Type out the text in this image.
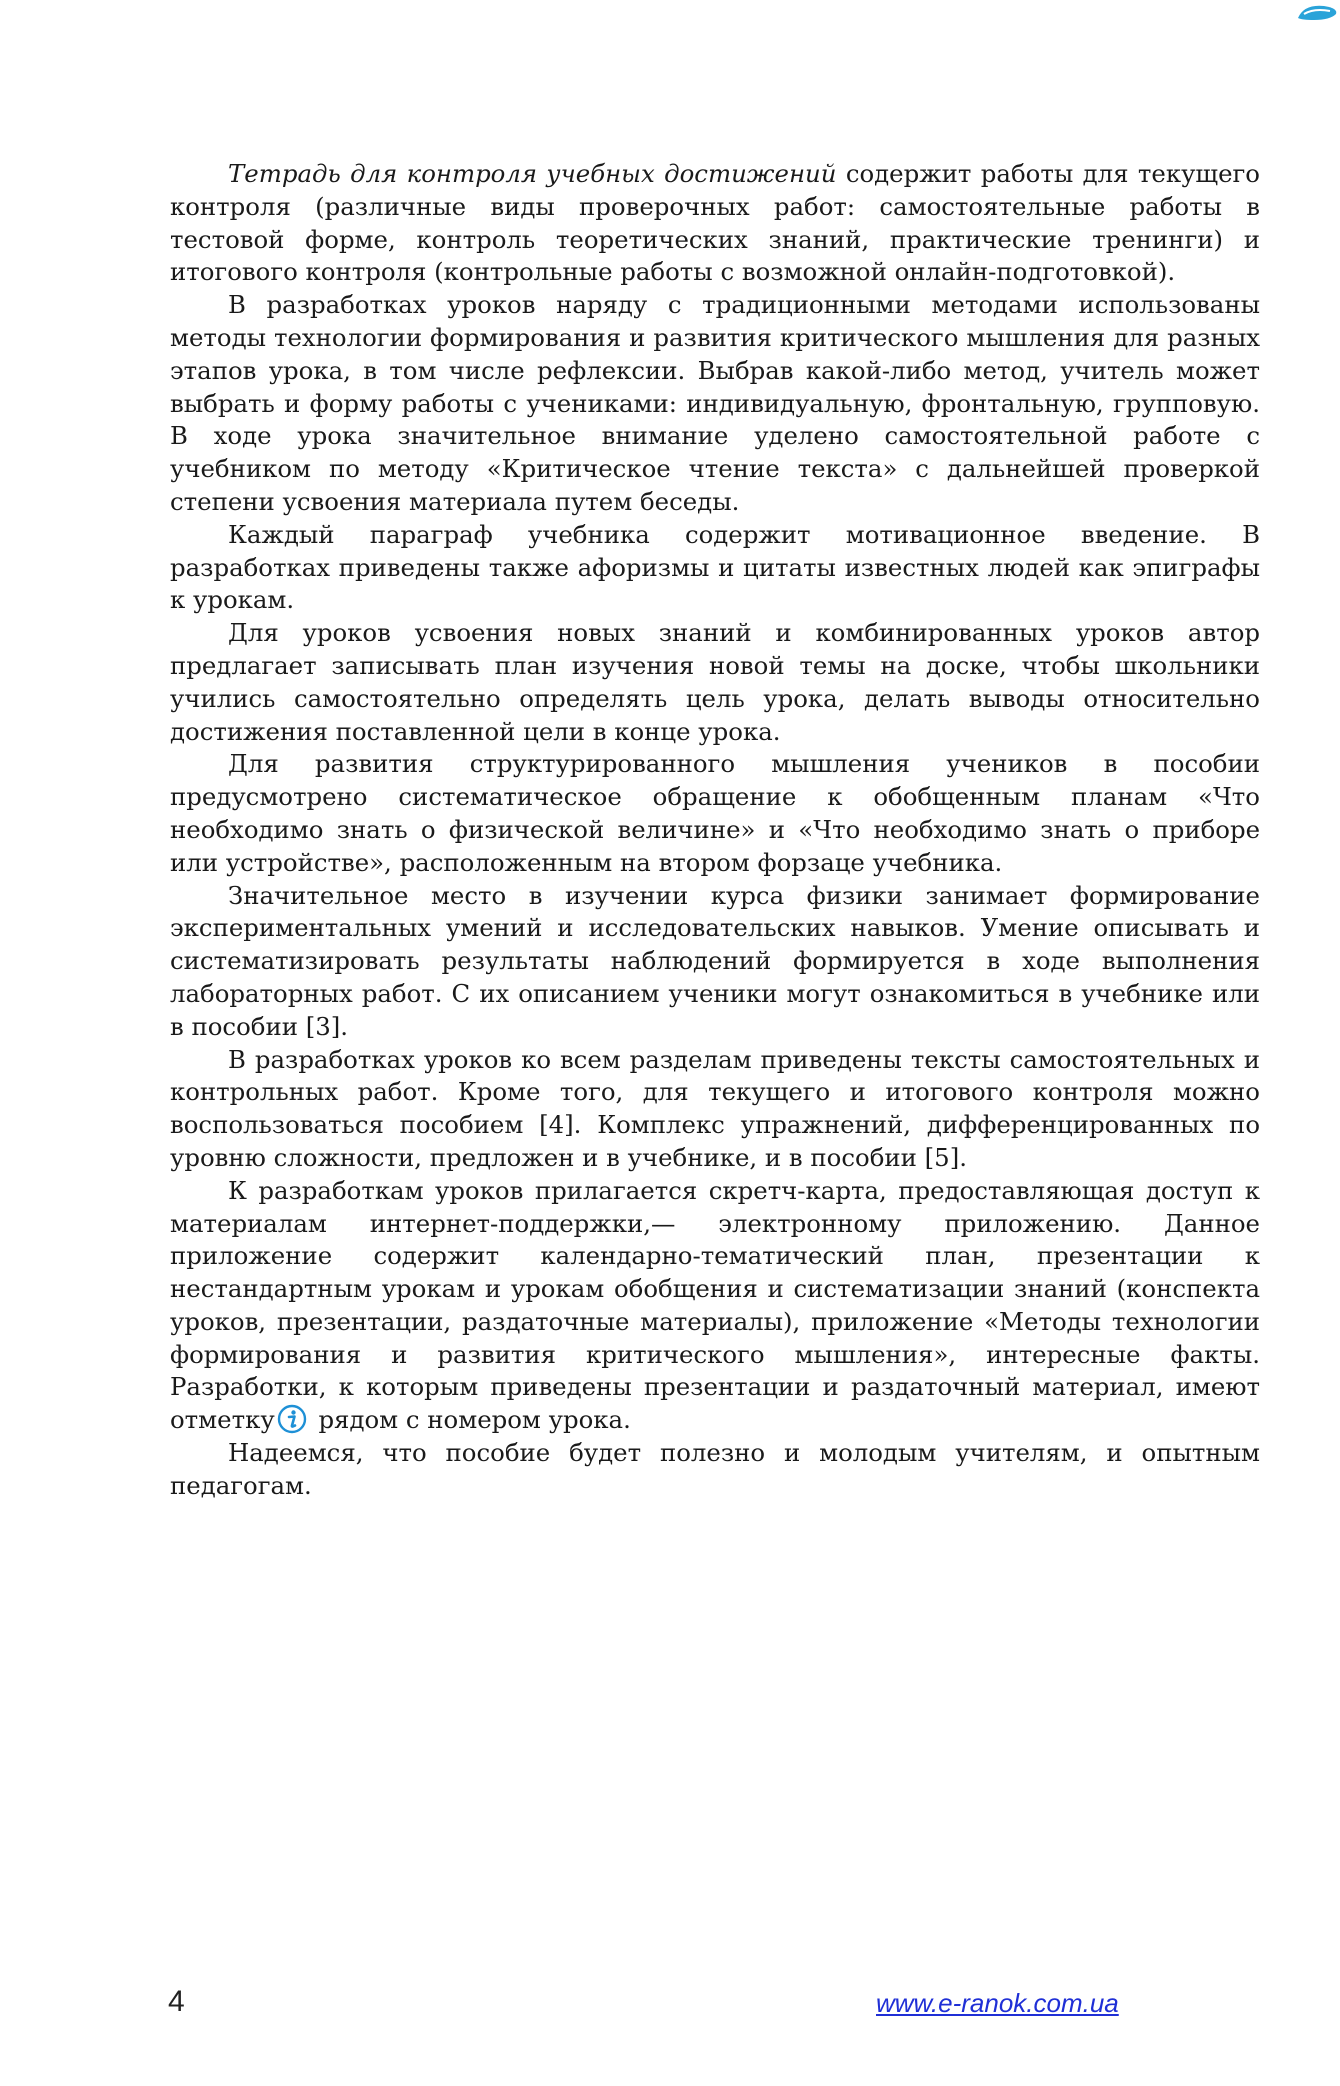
Тетрадь для контроля учебных достижений содержит работы для текущего контроля (различные виды проверочных работ: самостоятельные работы в тестовой форме, контроль теоретических знаний, практические тренинги) и итогового контроля (контрольные работы с возможной онлайн-подготовкой).

В разработках уроков наряду с традиционными методами использованы методы технологии формирования и развития критического мышления для разных этапов урока, в том числе рефлексии. Выбрав какой-либо метод, учитель может выбрать и форму работы с учениками: индивидуальную, фронтальную, групповую. В ходе урока значительное внимание уделено самостоятельной работе с учебником по методу «Критическое чтение текста» с дальнейшей проверкой степени усвоения материала путем беседы.

Каждый параграф учебника содержит мотивационное введение. В разработках приведены также афоризмы и цитаты известных людей как эпиграфы к урокам.

Для уроков усвоения новых знаний и комбинированных уроков автор предлагает записывать план изучения новой темы на доске, чтобы школьники учились самостоятельно определять цель урока, делать выводы относительно достижения поставленной цели в конце урока.

Для развития структурированного мышления учеников в пособии предусмотрено систематическое обращение к обобщенным планам «Что необходимо знать о физической величине» и «Что необходимо знать о приборе или устройстве», расположенным на втором форзаце учебника.

Значительное место в изучении курса физики занимает формирование экспериментальных умений и исследовательских навыков. Умение описывать и систематизировать результаты наблюдений формируется в ходе выполнения лабораторных работ. С их описанием ученики могут ознакомиться в учебнике или в пособии [3].

В разработках уроков ко всем разделам приведены тексты самостоятельных и контрольных работ. Кроме того, для текущего и итогового контроля можно воспользоваться пособием [4]. Комплекс упражнений, дифференцированных по уровню сложности, предложен и в учебнике, и в пособии [5].

К разработкам уроков прилагается скретч-карта, предоставляющая доступ к материалам интернет-поддержки,— электронному приложению. Данное приложение содержит календарно-тематический план, презентации к нестандартным урокам и урокам обобщения и систематизации знаний (конспекта уроков, презентации, раздаточные материалы), приложение «Методы технологии формирования и развития критического мышления», интересные факты. Разработки, к которым приведены презентации и раздаточный материал, имеют отметку рядом с номером урока.

Надеемся, что пособие будет полезно и молодым учителям, и опытным педагогам.

4	www.e-ranok.com.ua
